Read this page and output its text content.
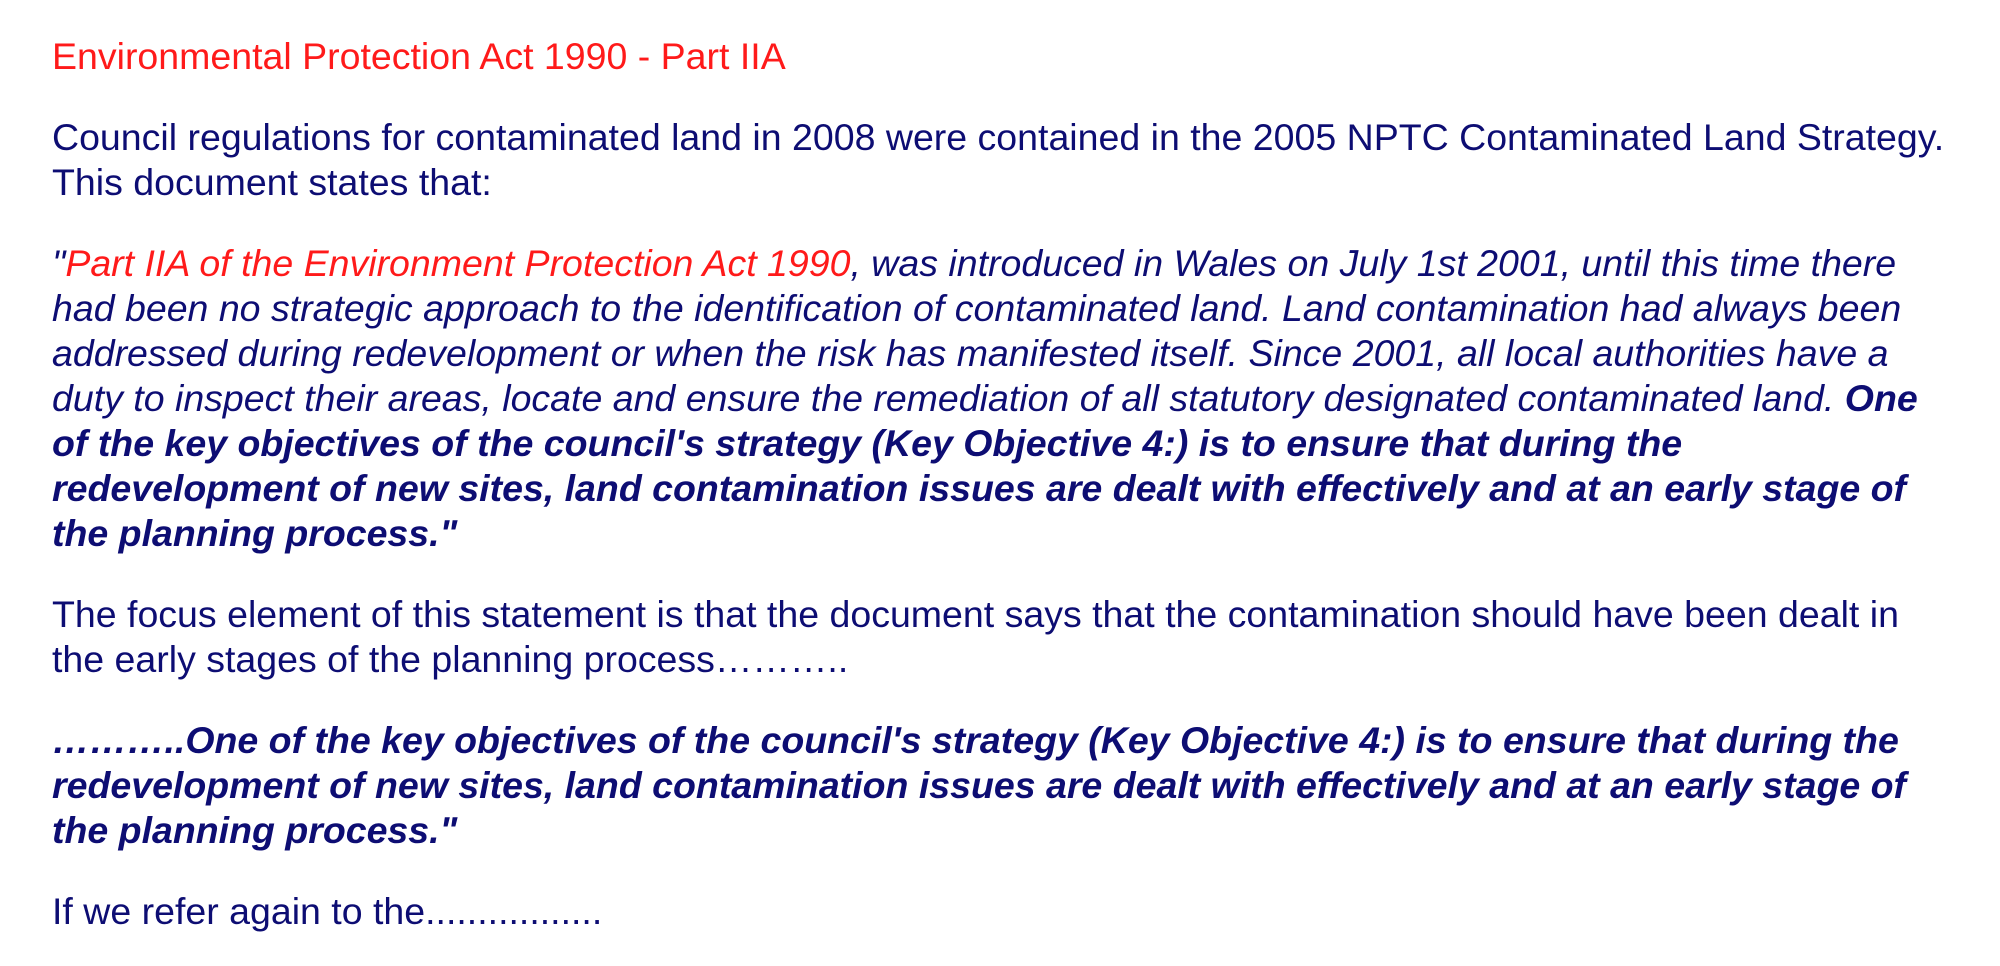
Environmental Protection Act 1990 - Part IIA

Council regulations for contaminated land in 2008 were contained in the 2005 NPTC Contaminated Land Strategy. This document states that:

"Part IIA of the Environment Protection Act 1990, was introduced in Wales on July 1st 2001, until this time there had been no strategic approach to the identification of contaminated land. Land contamination had always been addressed during redevelopment or when the risk has manifested itself. Since 2001, all local authorities have a duty to inspect their areas, locate and ensure the remediation of all statutory designated contaminated land. One of the key objectives of the council's strategy (Key Objective 4:) is to ensure that during the redevelopment of new sites, land contamination issues are dealt with effectively and at an early stage of the planning process."

The focus element of this statement is that the document says that the contamination should have been dealt in the early stages of the planning process………..

………..One of the key objectives of the council's strategy (Key Objective 4:) is to ensure that during the redevelopment of new sites, land contamination issues are dealt with effectively and at an early stage of the planning process."

If we refer again to the.................
